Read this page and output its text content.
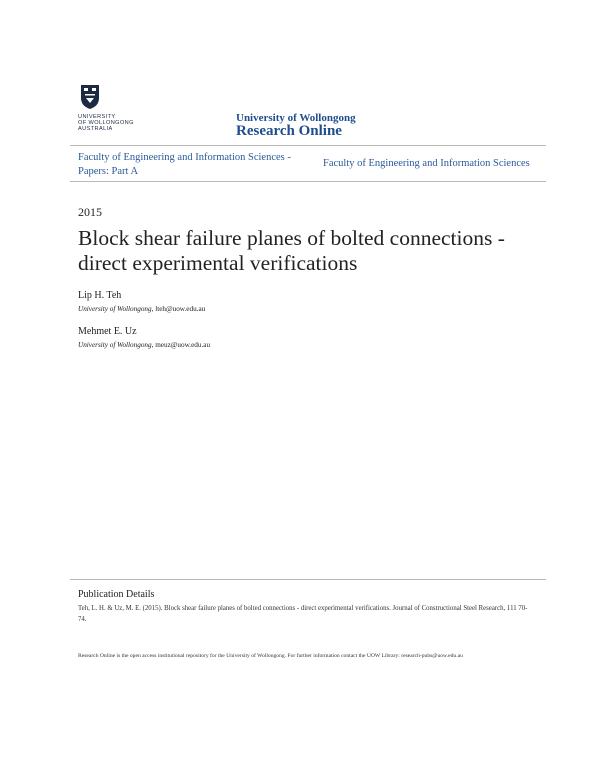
UNIVERSITY
OF WOLLONGONG
AUSTRALIA
University of Wollongong
Research Online
Faculty of Engineering and Information Sciences - Papers: Part A
Faculty of Engineering and Information Sciences
2015
Block shear failure planes of bolted connections - direct experimental verifications
Lip H. Teh
University of Wollongong, lteh@uow.edu.au
Mehmet E. Uz
University of Wollongong, meuz@uow.edu.au
Publication Details
Teh, L. H. & Uz, M. E. (2015). Block shear failure planes of bolted connections - direct experimental verifications. Journal of Constructional Steel Research, 111 70-74.
Research Online is the open access institutional repository for the University of Wollongong. For further information contact the UOW Library: research-pubs@uow.edu.au
